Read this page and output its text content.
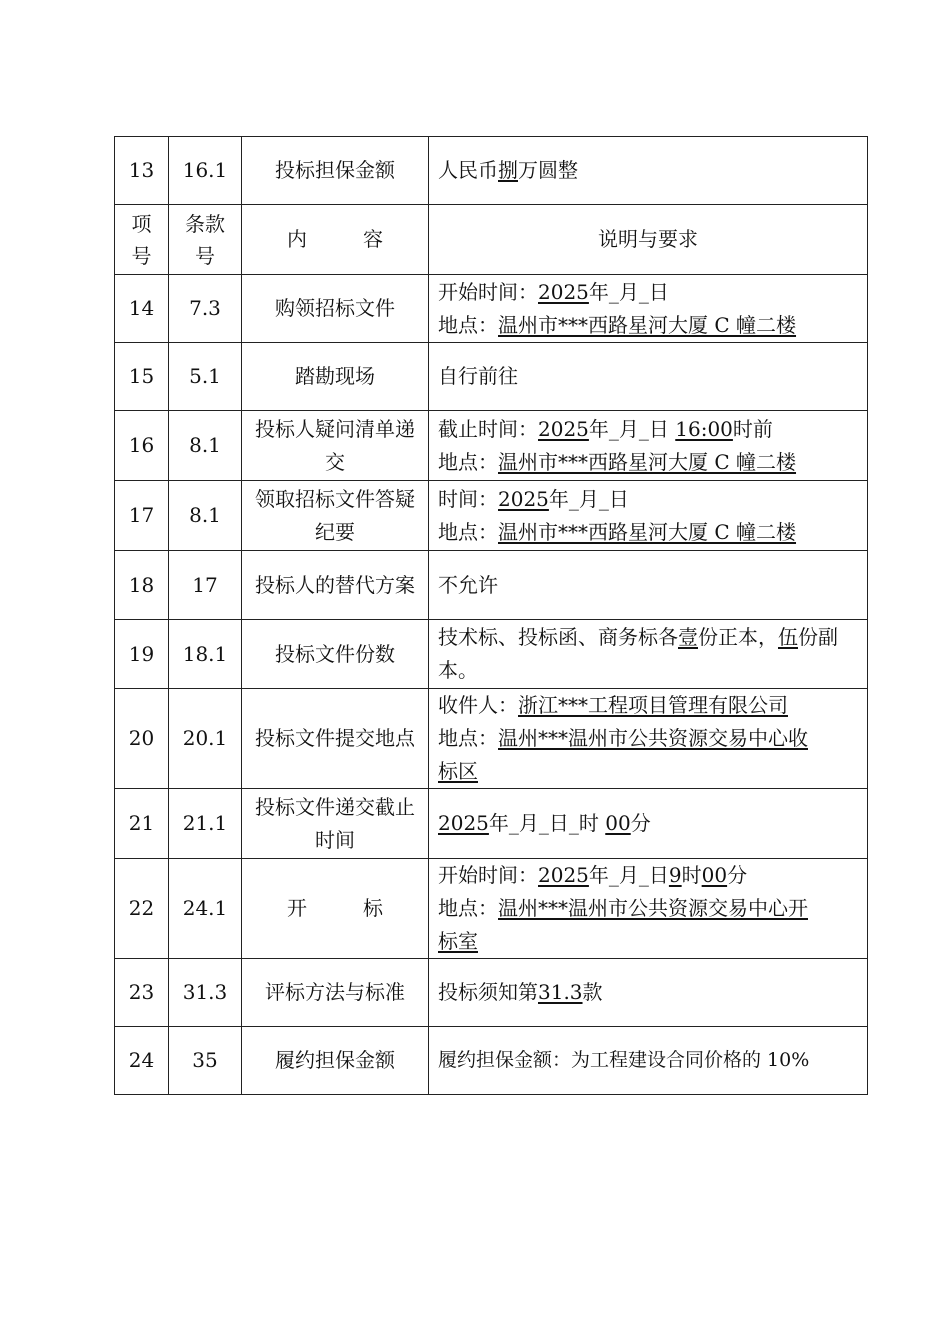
13	16.1	投标担保金额	人民币捌万圆整
项号	条款号	内 容	说明与要求
14	7.3	购领招标文件	开始时间：2025年_月_日
地点：温州市***西路星河大厦 C 幢二楼

15	5.1	踏勘现场	自行前往
16	8.1	投标人疑问清单递交	截止时间：2025年_月_日 16:00时前
地点：温州市***西路星河大厦 C 幢二楼

17	8.1	领取招标文件答疑纪要	时间：2025年_月_日
地点：温州市***西路星河大厦 C 幢二楼

18	17	投标人的替代方案	不允许
19	18.1	投标文件份数	技术标、投标函、商务标各壹份正本，伍份副本。
20	20.1	投标文件提交地点	收件人：浙江***工程项目管理有限公司
地点：温州***温州市公共资源交易中心收
标区

21	21.1	投标文件递交截止时间	2025年_月_日_时 00分
22	24.1	开 标	开始时间：2025年_月_日9时00分
地点：温州***温州市公共资源交易中心开
标室

23	31.3	评标方法与标准	投标须知第31.3款
24	35	履约担保金额	履约担保金额：为工程建设合同价格的 10%
